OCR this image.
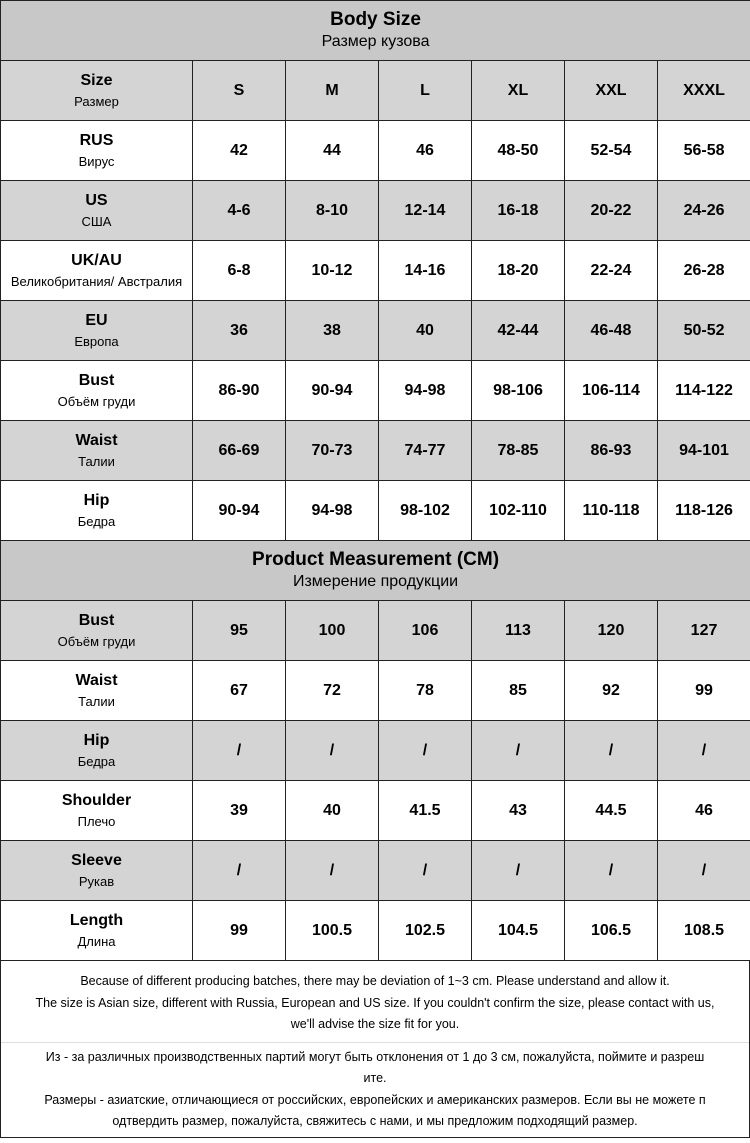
Body Size
Размер кузова						

Size
Размер	S	M	L	XL	XXL	XXXL

RUS
Вирус	42	44	46	48-50	52-54	56-58

US
США	4-6	8-10	12-14	16-18	20-22	24-26

UK/AU
Великобритания/ Австралия	6-8	10-12	14-16	18-20	22-24	26-28

EU
Европа	36	38	40	42-44	46-48	50-52

Bust
Объём груди	86-90	90-94	94-98	98-106	106-114	114-122

Waist
Талии	66-69	70-73	74-77	78-85	86-93	94-101

Hip
Бедра	90-94	94-98	98-102	102-110	110-118	118-126

Product Measurement (CM)
Измерение продукции						

Bust
Объём груди	95	100	106	113	120	127

Waist
Талии	67	72	78	85	92	99

Hip
Бедра	/	/	/	/	/	/

Shoulder
Плечо	39	40	41.5	43	44.5	46

Sleeve
Рукав	/	/	/	/	/	/

Length
Длина	99	100.5	102.5	104.5	106.5	108.5

Because of different producing batches, there may be deviation of 1~3 cm. Please understand and allow it.

The size is Asian size, different with Russia, European and US size. If you couldn't confirm the size, please contact with us,

we'll advise the size fit for you.

Из - за различных производственных партий могут быть отклонения от 1 до 3 см, пожалуйста, поймите и разреш

ите.

Размеры - азиатские, отличающиеся от российских, европейских и американских размеров. Если вы не можете п

одтвердить размер, пожалуйста, свяжитесь с нами, и мы предложим подходящий размер.
